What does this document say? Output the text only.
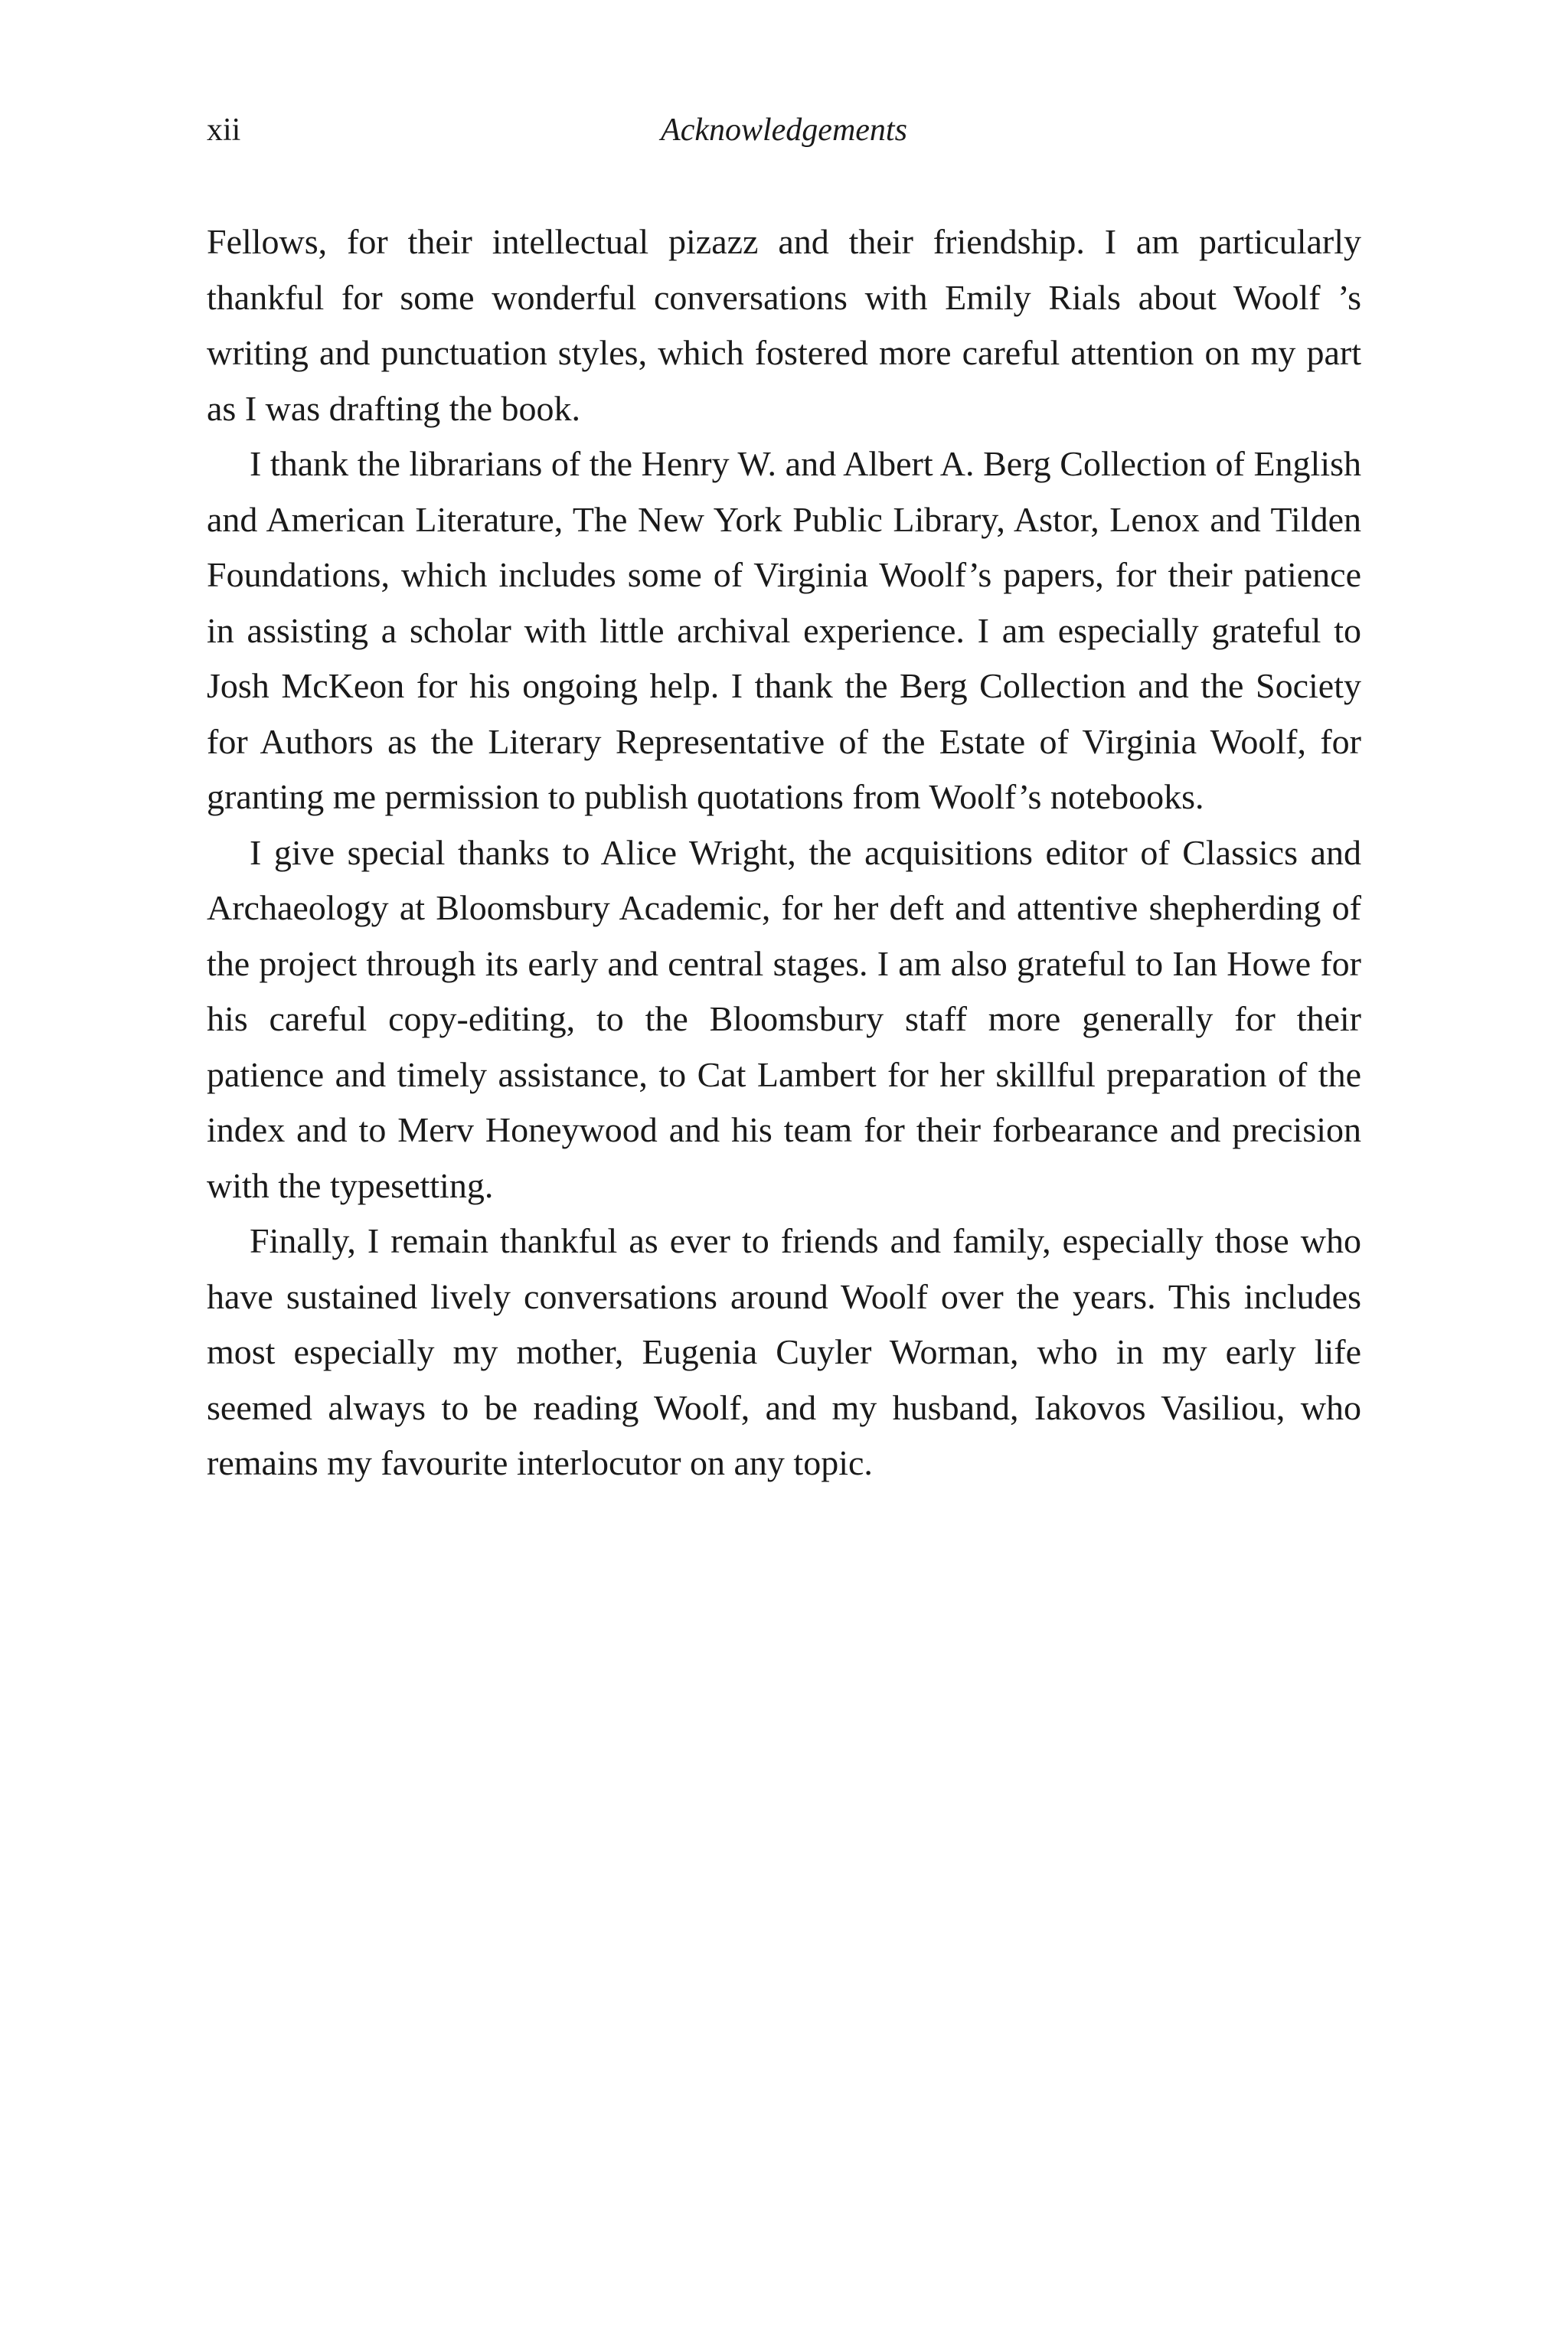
xii	Acknowledgements

Fellows, for their intellectual pizazz and their friendship. I am particularly thankful for some wonderful conversations with Emily Rials about Woolf ’s writing and punctuation styles, which fostered more careful attention on my part as I was drafting the book.

I thank the librarians of the Henry W. and Albert A. Berg Collection of English and American Literature, The New York Public Library, Astor, Lenox and Tilden Foundations, which includes some of Virginia Woolf’s papers, for their patience in assisting a scholar with little archival experience. I am especially grateful to Josh McKeon for his ongoing help. I thank the Berg Collection and the Society for Authors as the Literary Representative of the Estate of Virginia Woolf, for granting me permission to publish quotations from Woolf’s notebooks.

I give special thanks to Alice Wright, the acquisitions editor of Classics and Archaeology at Bloomsbury Academic, for her deft and attentive shepherding of the project through its early and central stages. I am also grateful to Ian Howe for his careful copy-editing, to the Bloomsbury staff more generally for their patience and timely assistance, to Cat Lambert for her skillful preparation of the index and to Merv Honeywood and his team for their forbearance and precision with the typesetting.

Finally, I remain thankful as ever to friends and family, especially those who have sustained lively conversations around Woolf over the years. This includes most especially my mother, Eugenia Cuyler Worman, who in my early life seemed always to be reading Woolf, and my husband, Iakovos Vasiliou, who remains my favourite interlocutor on any topic.
